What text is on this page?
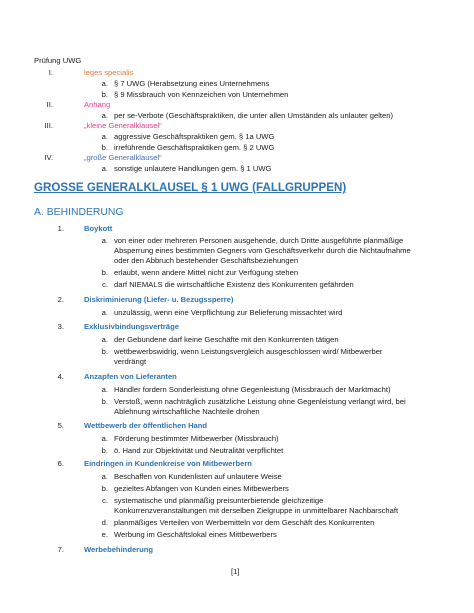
Prüfung UWG
I.	leges specialis
a. § 7 UWG (Herabsetzung eines Unternehmens
b. § 9 Missbrauch von Kennzeichen von Unternehmen
II.	Anhang
a. per se-Verbote (Geschäftspraktiken, die unter allen Umständen als unlauter gelten)
III.	„kleine Generalklausel“
a. aggressive Geschäftspraktiken gem. § 1a UWG
b. irreführende Geschäftspraktiken gem. § 2 UWG
IV.	„große Generalklausel“
a. sonstige unlautere Handlungen gem. § 1 UWG
GROSSE GENERALKLAUSEL § 1 UWG (FALLGRUPPEN)
A. BEHINDERUNG
1.	Boykott
a. von einer oder mehreren Personen ausgehende, durch Dritte ausgeführte planmäßige
Absperrung eines bestimmten Gegners vom Geschäftsverkehr durch die Nichtaufnahme
oder den Abbruch bestehender Geschäftsbeziehungen
b. erlaubt, wenn andere Mittel nicht zur Verfügung stehen
c. darf NIEMALS die wirtschaftliche Existenz des Konkurrenten gefährden
2.	Diskriminierung (Liefer- u. Bezugssperre)
a. unzulässig, wenn eine Verpflichtung zur Belieferung missachtet wird
3.	Exklusivbindungsverträge
a. der Gebundene darf keine Geschäfte mit den Konkurrenten tätigen
b. wettbewerbswidrig, wenn Leistungsvergleich ausgeschlossen wird/ Mitbewerber
verdrängt
4.	Anzapfen von Lieferanten
a. Händler fordern Sonderleistung ohne Gegenleistung (Missbrauch der Marktmacht)
b. Verstoß, wenn nachträglich zusätzliche Leistung ohne Gegenleistung verlangt wird, bei
Ablehnung wirtschaftliche Nachteile drohen
5.	Wettbewerb der öffentlichen Hand
a. Förderung bestimmter Mitbewerber (Missbrauch)
b. ö. Hand zur Objektivität und Neutralität verpflichtet
6.	Eindringen in Kundenkreise von Mitbewerbern
a. Beschaffen von Kundenlisten auf unlautere Weise
b. gezieltes Abfangen von Kunden eines Mitbewerbers
c. systematische und planmäßig preisunterbietende gleichzeitige
Konkurrenzveranstaltungen mit derselben Zielgruppe in unmittelbarer Nachbarschaft
d. planmäßiges Verteilen von Werbemitteln vor dem Geschäft des Konkurrenten
e. Werbung im Geschäftslokal eines Mittbewerbers
7.	Werbebehinderung
[1]
